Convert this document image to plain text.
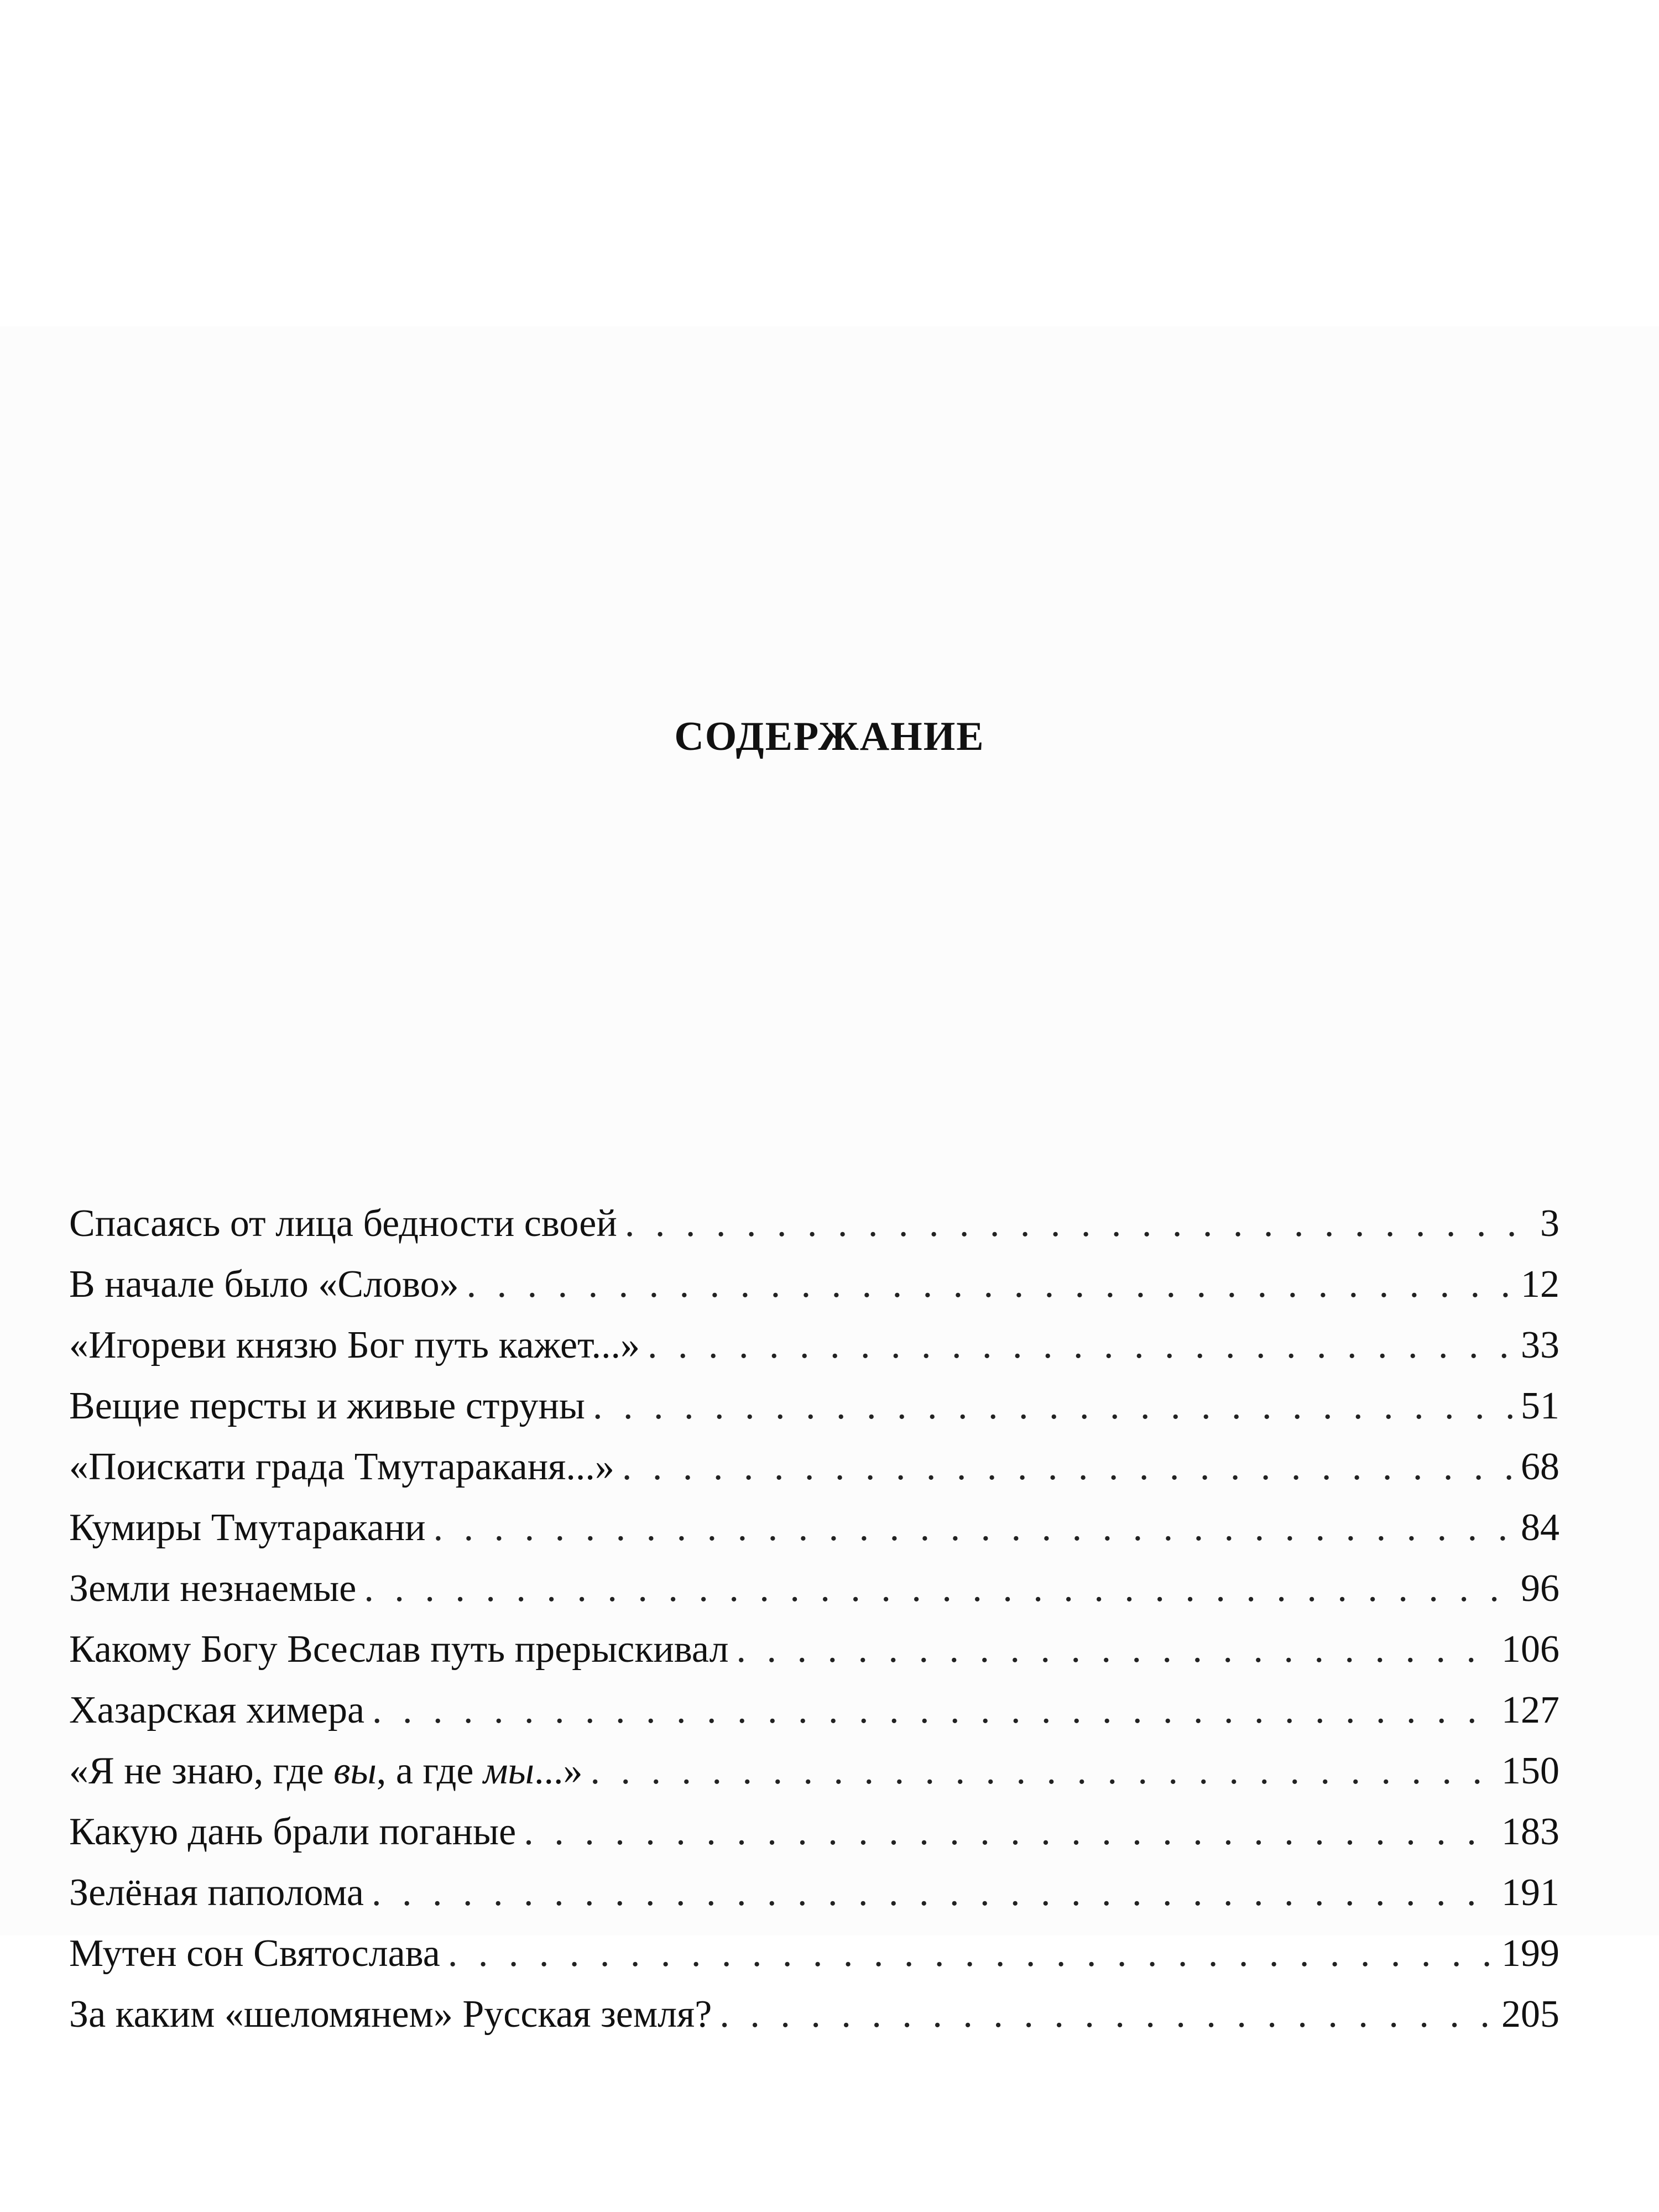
СОДЕРЖАНИЕ
Спасаясь от лица бедности своей . . .	3
В начале было «Слово» . . .	12
«Игореви князю Бог путь кажет...» . . .	33
Вещие персты и живые струны . . .	51
«Поискати града Тмутараканя...» . . .	68
Кумиры Тмутаракани . . .	84
Земли незнаемые . . .	96
Какому Богу Всеслав путь прерыскивал . . .	106
Хазарская химера . . .	127
«Я не знаю, где вы, а где мы...» . . .	150
Какую дань брали поганые . . .	183
Зелёная паполома . . .	191
Мутен сон Святослава . . .	199
За каким «шеломянем» Русская земля? . . .	205
